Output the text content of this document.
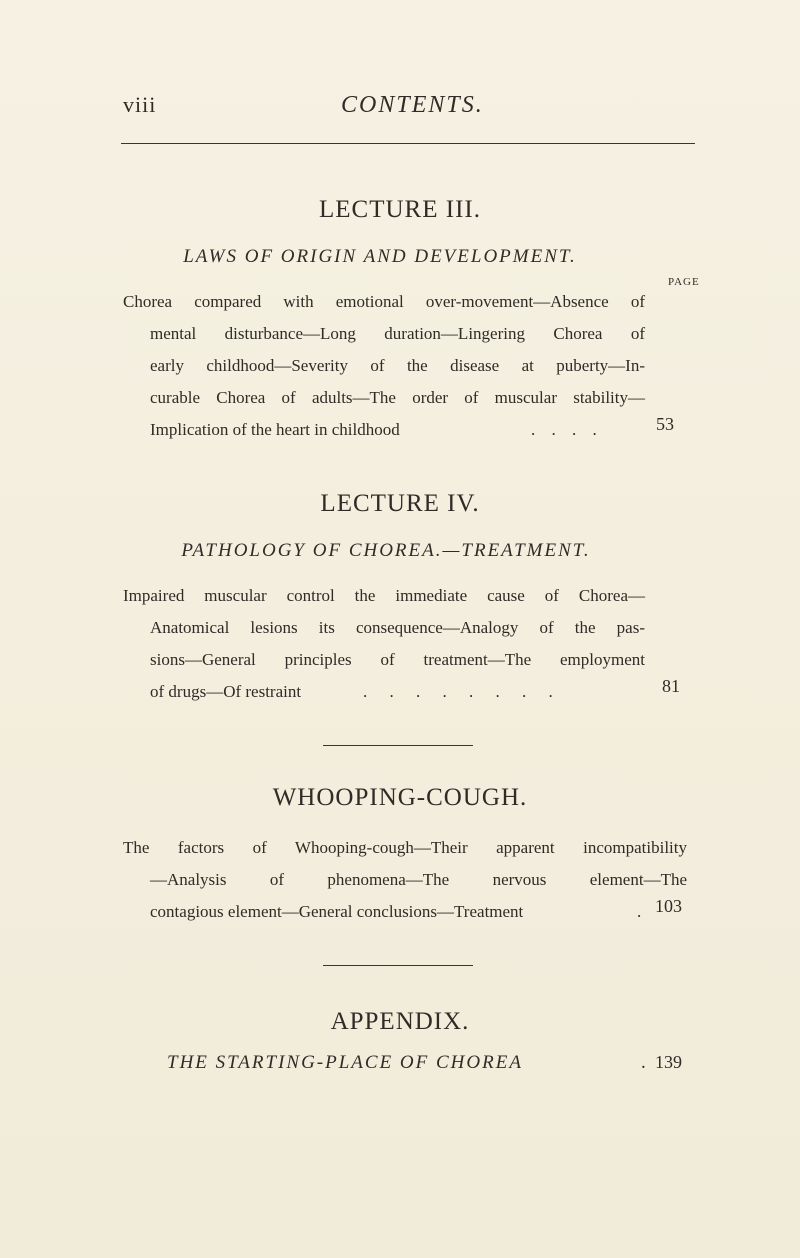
viii	CONTENTS.
LECTURE III.
LAWS OF ORIGIN AND DEVELOPMENT.
PAGE
Chorea compared with emotional over-movement—Absence of
mental disturbance—Long duration—Lingering Chorea of
early childhood—Severity of the disease at puberty—In-
curable Chorea of adults—The order of muscular stability—
Implication of the heart in childhood	. . . .	53
LECTURE IV.
PATHOLOGY OF CHOREA.—TREATMENT.
Impaired muscular control the immediate cause of Chorea—
Anatomical lesions its consequence—Analogy of the pas-
sions—General principles of treatment—The employment
of drugs—Of restraint	. . . . . . . .	81
WHOOPING-COUGH.
The factors of Whooping-cough—Their apparent incompatibility
—Analysis of phenomena—The nervous element—The
contagious element—General conclusions—Treatment	. 103
APPENDIX.
THE STARTING-PLACE OF CHOREA	. 139
